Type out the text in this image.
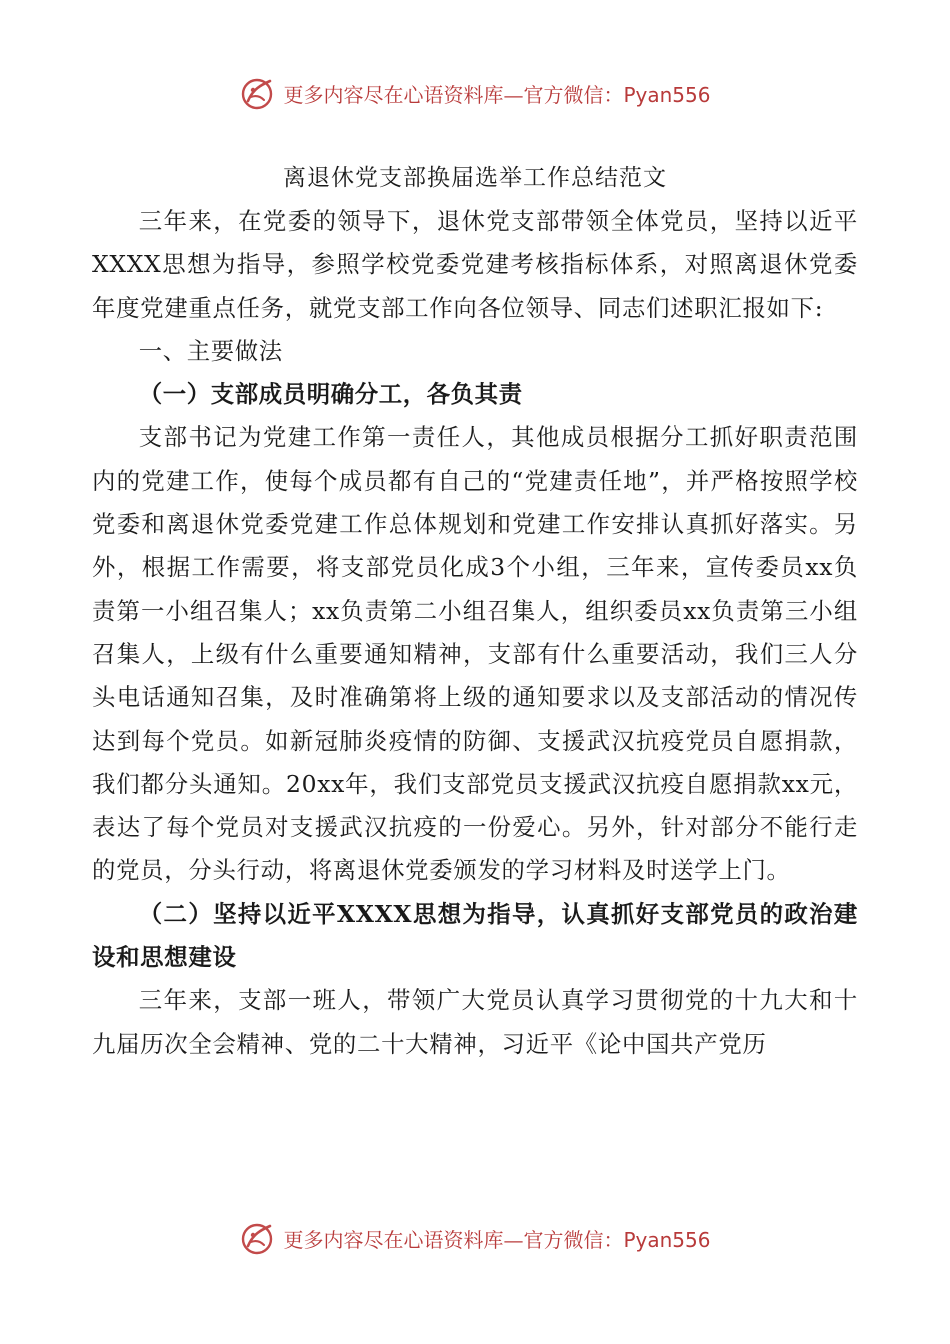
更多内容尽在心语资料库— 官方微信：Pyan556
离退休党支部换届选举工作总结范文

三年来，在党委的领导下，退休党支部带领全体党员，坚持以近平XXXX思想为指导，参照学校党委党建考核指标体系，对照离退休党委年度党建重点任务，就党支部工作向各位领导、同志们述职汇报如下:

一、主要做法

（一）支部成员明确分工，各负其责

支部书记为党建工作第一责任人，其他成员根据分工抓好职责范围内的党建工作，使每个成员都有自己的“党建责任地”，并严格按照学校党委和离退休党委党建工作总体规划和党建工作安排认真抓好落实。另外，根据工作需要，将支部党员化成3个小组，三年来，宣传委员xx负责第一小组召集人；xx负责第二小组召集人，组织委员xx负责第三小组召集人，上级有什么重要通知精神，支部有什么重要活动，我们三人分头电话通知召集，及时准确第将上级的通知要求以及支部活动的情况传达到每个党员。如新冠肺炎疫情的防御、支援武汉抗疫党员自愿捐款，我们都分头通知。20xx年，我们支部党员支援武汉抗疫自愿捐款xx元，表达了每个党员对支援武汉抗疫的一份爱心。另外，针对部分不能行走的党员，分头行动，将离退休党委颁发的学习材料及时送学上门。

（二）坚持以近平XXXX思想为指导，认真抓好支部党员的政治建设和思想建设

三年来，支部一班人，带领广大党员认真学习贯彻党的十九大和十九届历次全会精神、党的二十大精神，习近平《论中国共产党历

更多内容尽在心语资料库— 官方微信：Pyan556
